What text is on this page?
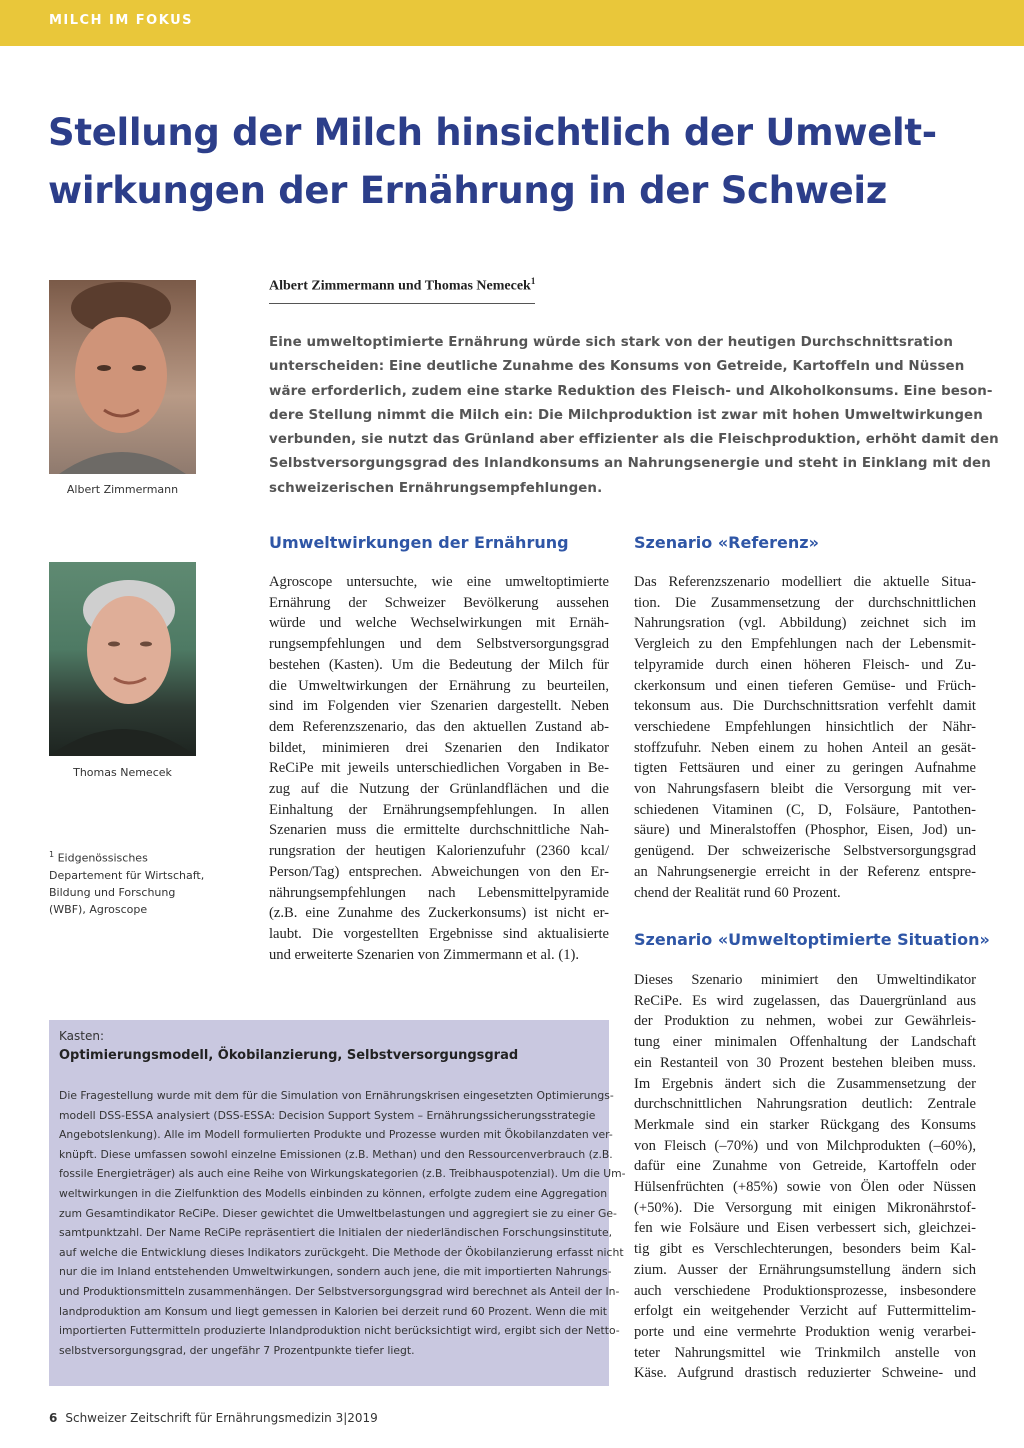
MILCH IM FOKUS
Stellung der Milch hinsichtlich der Umwelt-
wirkungen der Ernährung in der Schweiz
Albert Zimmermann
Thomas Nemecek
$^1$ Eidgenössisches
Departement für Wirtschaft,
Bildung und Forschung
(WBF), Agroscope
Albert Zimmermann und Thomas Nemecek$^1$

Eine umweltoptimierte Ernährung würde sich stark von der heutigen Durchschnittsration
unterscheiden: Eine deutliche Zunahme des Konsums von Getreide, Kartoffeln und Nüssen
wäre erforderlich, zudem eine starke Reduktion des Fleisch- und Alkoholkonsums. Eine beson-
dere Stellung nimmt die Milch ein: Die Milchproduktion ist zwar mit hohen Umweltwirkungen
verbunden, sie nutzt das Grünland aber effizienter als die Fleischproduktion, erhöht damit den
Selbstversorgungsgrad des Inlandkonsums an Nahrungsenergie und steht in Einklang mit den
schweizerischen Ernährungsempfehlungen.

Umweltwirkungen der Ernährung
Agroscope untersuchte, wie eine umweltoptimierte
Ernährung der Schweizer Bevölkerung aussehen
würde und welche Wechselwirkungen mit Ernäh-
rungsempfehlungen und dem Selbstversorgungsgrad
bestehen (Kasten). Um die Bedeutung der Milch für
die Umweltwirkungen der Ernährung zu beurteilen,
sind im Folgenden vier Szenarien dargestellt. Neben
dem Referenzszenario, das den aktuellen Zustand ab-
bildet, minimieren drei Szenarien den Indikator
ReCiPe mit jeweils unterschiedlichen Vorgaben in Be-
zug auf die Nutzung der Grünlandflächen und die
Einhaltung der Ernährungsempfehlungen. In allen
Szenarien muss die ermittelte durchschnittliche Nah-
rungsration der heutigen Kalorienzufuhr (2360 kcal/
Person/Tag) entsprechen. Abweichungen von den Er-
nährungsempfehlungen nach Lebensmittelpyramide
(z.B. eine Zunahme des Zuckerkonsums) ist nicht er-
laubt. Die vorgestellten Ergebnisse sind aktualisierte
und erweiterte Szenarien von Zimmermann et al. (1).
Szenario «Referenz»
Das Referenzszenario modelliert die aktuelle Situa-
tion. Die Zusammensetzung der durchschnittlichen
Nahrungsration (vgl. Abbildung) zeichnet sich im
Vergleich zu den Empfehlungen nach der Lebensmit-
telpyramide durch einen höheren Fleisch- und Zu-
ckerkonsum und einen tieferen Gemüse- und Früch-
tekonsum aus. Die Durchschnittsration verfehlt damit
verschiedene Empfehlungen hinsichtlich der Nähr-
stoffzufuhr. Neben einem zu hohen Anteil an gesät-
tigten Fettsäuren und einer zu geringen Aufnahme
von Nahrungsfasern bleibt die Versorgung mit ver-
schiedenen Vitaminen (C, D, Folsäure, Pantothen-
säure) und Mineralstoffen (Phosphor, Eisen, Jod) un-
genügend. Der schweizerische Selbstversorgungsgrad
an Nahrungsenergie erreicht in der Referenz entspre-
chend der Realität rund 60 Prozent.
Szenario «Umweltoptimierte Situation»
Dieses Szenario minimiert den Umweltindikator
ReCiPe. Es wird zugelassen, das Dauergrünland aus
der Produktion zu nehmen, wobei zur Gewährleis-
tung einer minimalen Offenhaltung der Landschaft
ein Restanteil von 30 Prozent bestehen bleiben muss.
Im Ergebnis ändert sich die Zusammensetzung der
durchschnittlichen Nahrungsration deutlich: Zentrale
Merkmale sind ein starker Rückgang des Konsums
von Fleisch (–70%) und von Milchprodukten (–60%),
dafür eine Zunahme von Getreide, Kartoffeln oder
Hülsenfrüchten (+85%) sowie von Ölen oder Nüssen
(+50%). Die Versorgung mit einigen Mikronährstof-
fen wie Folsäure und Eisen verbessert sich, gleichzei-
tig gibt es Verschlechterungen, besonders beim Kal-
zium. Ausser der Ernährungsumstellung ändern sich
auch verschiedene Produktionsprozesse, insbesondere
erfolgt ein weitgehender Verzicht auf Futtermittelim-
porte und eine vermehrte Produktion wenig verarbei-
teter Nahrungsmittel wie Trinkmilch anstelle von
Käse. Aufgrund drastisch reduzierter Schweine- und
Kasten:
Optimierungsmodell, Ökobilanzierung, Selbstversorgungsgrad
Die Fragestellung wurde mit dem für die Simulation von Ernährungskrisen eingesetzten Optimierungs-
modell DSS-ESSA analysiert (DSS-ESSA: Decision Support System – Ernährungssicherungsstrategie
Angebotslenkung). Alle im Modell formulierten Produkte und Prozesse wurden mit Ökobilanzdaten ver-
knüpft. Diese umfassen sowohl einzelne Emissionen (z.B. Methan) und den Ressourcenverbrauch (z.B.
fossile Energieträger) als auch eine Reihe von Wirkungskategorien (z.B. Treibhauspotenzial). Um die Um-
weltwirkungen in die Zielfunktion des Modells einbinden zu können, erfolgte zudem eine Aggregation
zum Gesamtindikator ReCiPe. Dieser gewichtet die Umweltbelastungen und aggregiert sie zu einer Ge-
samtpunktzahl. Der Name ReCiPe repräsentiert die Initialen der niederländischen Forschungsinstitute,
auf welche die Entwicklung dieses Indikators zurückgeht. Die Methode der Ökobilanzierung erfasst nicht
nur die im Inland entstehenden Umweltwirkungen, sondern auch jene, die mit importierten Nahrungs-
und Produktionsmitteln zusammenhängen. Der Selbstversorgungsgrad wird berechnet als Anteil der In-
landproduktion am Konsum und liegt gemessen in Kalorien bei derzeit rund 60 Prozent. Wenn die mit
importierten Futtermitteln produzierte Inlandproduktion nicht berücksichtigt wird, ergibt sich der Netto-
selbstversorgungsgrad, der ungefähr 7 Prozentpunkte tiefer liegt.
6 Schweizer Zeitschrift für Ernährungsmedizin 3|2019
